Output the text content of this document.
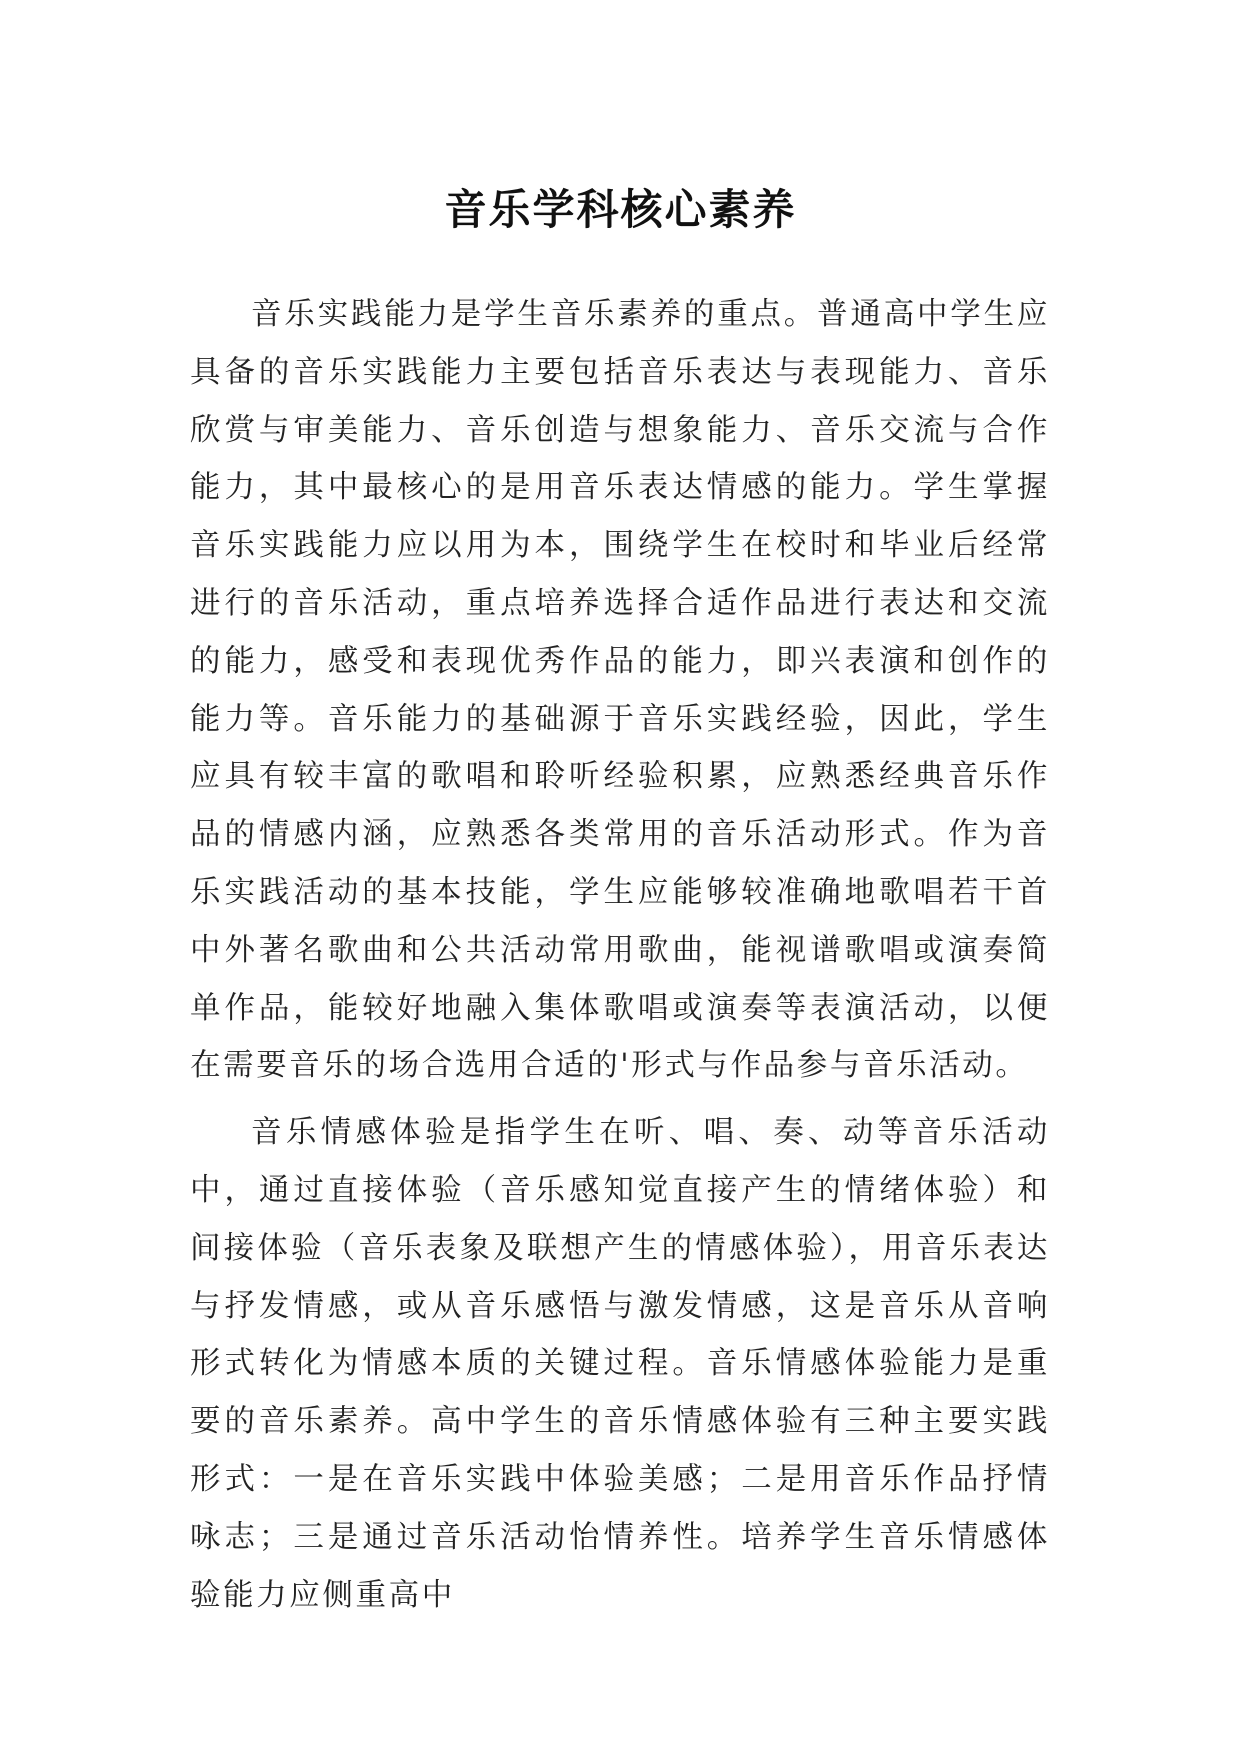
音乐学科核心素养

音乐实践能力是学生音乐素养的重点。普通高中学生应具备的音乐实践能力主要包括音乐表达与表现能力、音乐欣赏与审美能力、音乐创造与想象能力、音乐交流与合作能力，其中最核心的是用音乐表达情感的能力。学生掌握音乐实践能力应以用为本，围绕学生在校时和毕业后经常进行的音乐活动，重点培养选择合适作品进行表达和交流的能力，感受和表现优秀作品的能力，即兴表演和创作的能力等。音乐能力的基础源于音乐实践经验，因此，学生应具有较丰富的歌唱和聆听经验积累，应熟悉经典音乐作品的情感内涵，应熟悉各类常用的音乐活动形式。作为音乐实践活动的基本技能，学生应能够较准确地歌唱若干首中外著名歌曲和公共活动常用歌曲，能视谱歌唱或演奏简单作品，能较好地融入集体歌唱或演奏等表演活动，以便在需要音乐的场合选用合适的'形式与作品参与音乐活动。

音乐情感体验是指学生在听、唱、奏、动等音乐活动中，通过直接体验（音乐感知觉直接产生的情绪体验）和间接体验（音乐表象及联想产生的情感体验），用音乐表达与抒发情感，或从音乐感悟与激发情感，这是音乐从音响形式转化为情感本质的关键过程。音乐情感体验能力是重要的音乐素养。高中学生的音乐情感体验有三种主要实践形式：一是在音乐实践中体验美感；二是用音乐作品抒情咏志；三是通过音乐活动怡情养性。培养学生音乐情感体验能力应侧重高中
